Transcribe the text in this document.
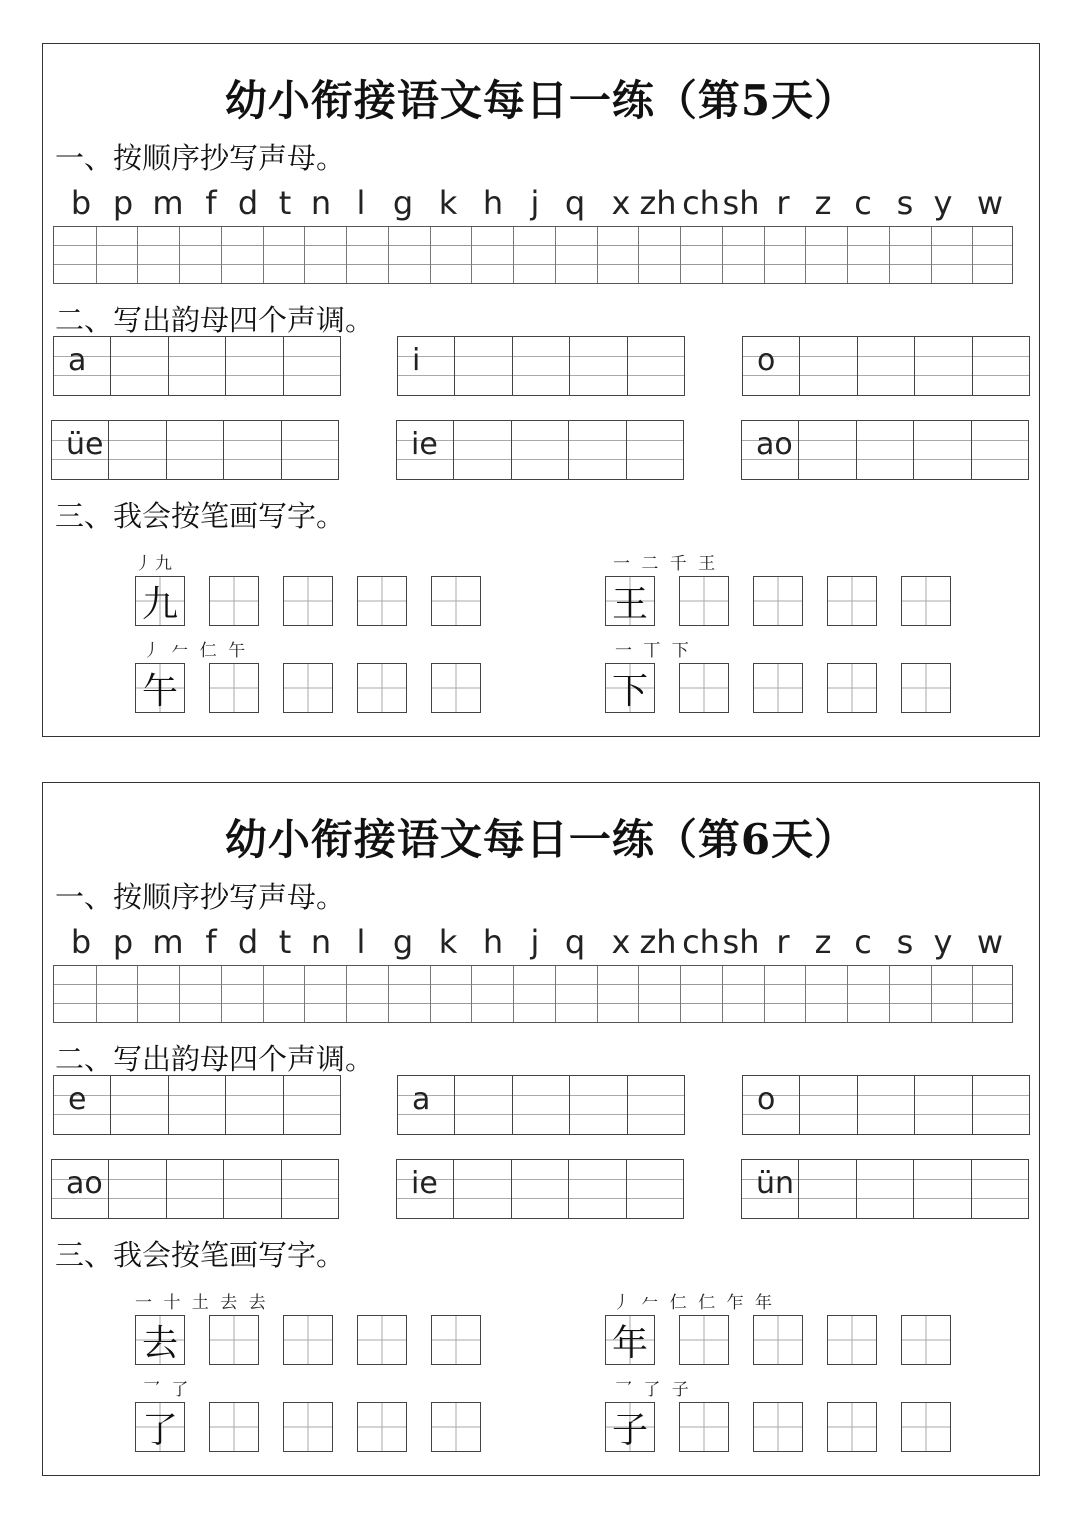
幼小衔接语文每日一练（第5天）
一、按顺序抄写声母。
b p m f d t n l g k h j q x zh ch sh r z c s y w
二、写出韵母四个声调。
a	i	o
üe	ie	ao
三、我会按笔画写字。
丿九
九
一 二 千 王
王
丿 𠂉 仁 午
午
一 丅 下
下
幼小衔接语文每日一练（第6天）
一、按顺序抄写声母。
b p m f d t n l g k h j q x zh ch sh r z c s y w
二、写出韵母四个声调。
e	a	o
ao	ie	ün
三、我会按笔画写字。
一 十 土 去 去
去
丿 𠂉 仁 仁 乍 年
年
乛 了
了
乛 了 子
子
